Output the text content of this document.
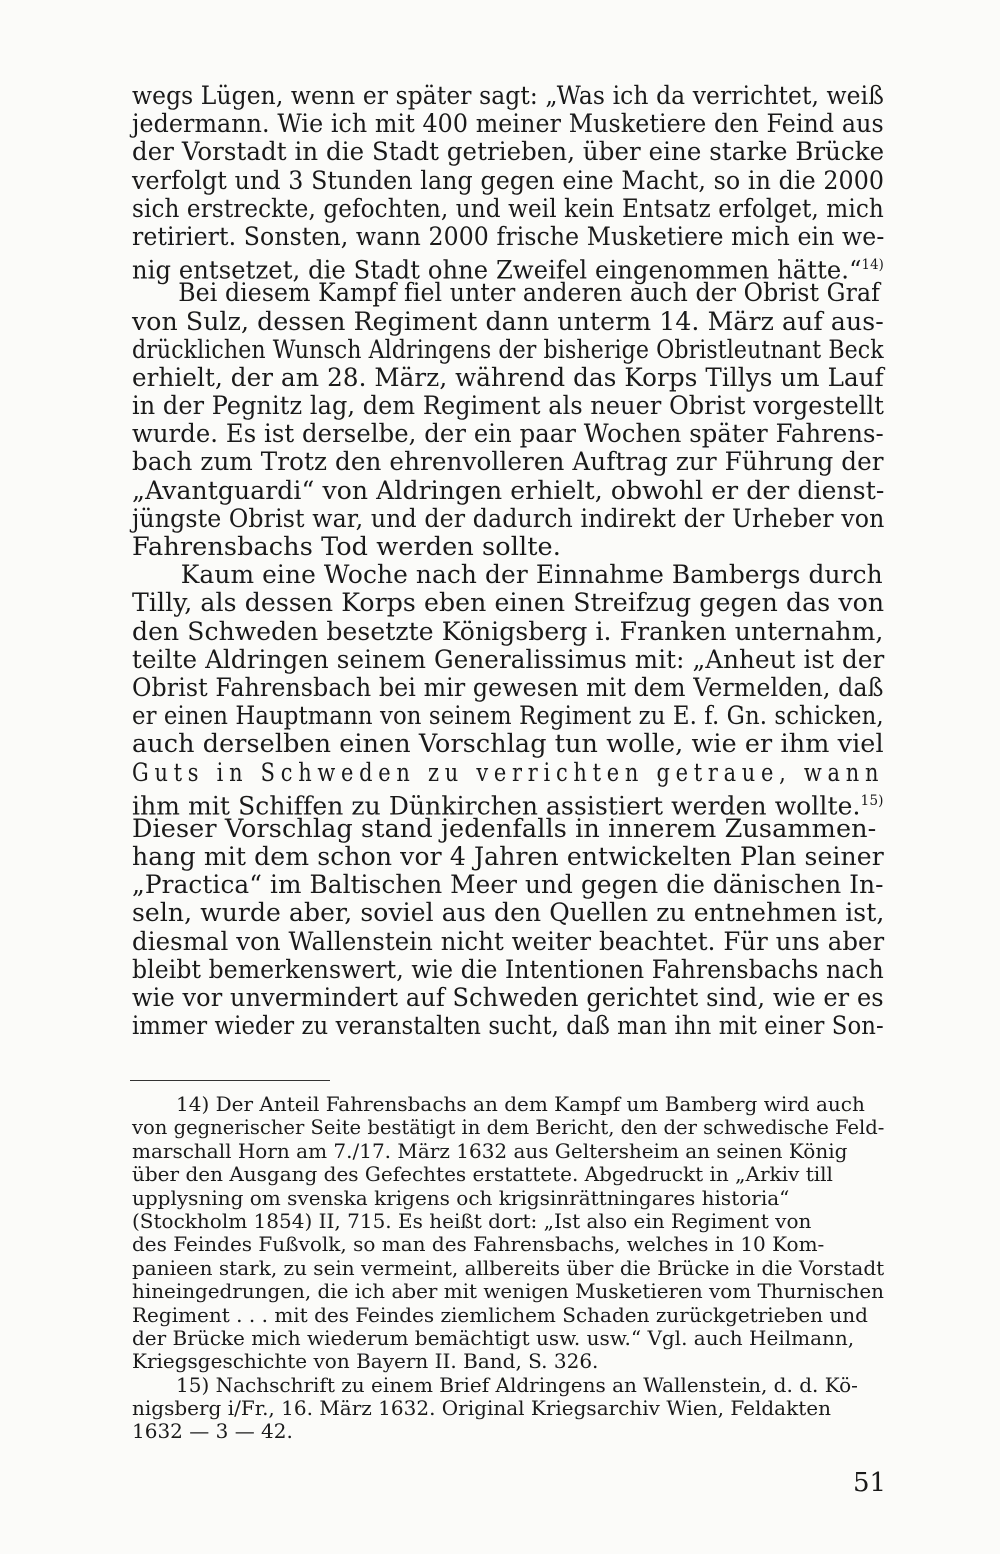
wegs Lügen, wenn er später sagt: „Was ich da verrichtet, weiß
jedermann. Wie ich mit 400 meiner Musketiere den Feind aus
der Vorstadt in die Stadt getrieben, über eine starke Brücke
verfolgt und 3 Stunden lang gegen eine Macht, so in die 2000
sich erstreckte, gefochten, und weil kein Entsatz erfolget, mich
retiriert. Sonsten, wann 2000 frische Musketiere mich ein we-
nig entsetzet, die Stadt ohne Zweifel eingenommen hätte.“$^{14)}$
Bei diesem Kampf fiel unter anderen auch der Obrist Graf
von Sulz, dessen Regiment dann unterm 14. März auf aus-
drücklichen Wunsch Aldringens der bisherige Obristleutnant Beck
erhielt, der am 28. März, während das Korps Tillys um Lauf
in der Pegnitz lag, dem Regiment als neuer Obrist vorgestellt
wurde. Es ist derselbe, der ein paar Wochen später Fahrens-
bach zum Trotz den ehrenvolleren Auftrag zur Führung der
„Avantguardi“ von Aldringen erhielt, obwohl er der dienst-
jüngste Obrist war, und der dadurch indirekt der Urheber von
Fahrensbachs Tod werden sollte.
Kaum eine Woche nach der Einnahme Bambergs durch
Tilly, als dessen Korps eben einen Streifzug gegen das von
den Schweden besetzte Königsberg i. Franken unternahm,
teilte Aldringen seinem Generalissimus mit: „Anheut ist der
Obrist Fahrensbach bei mir gewesen mit dem Vermelden, daß
er einen Hauptmann von seinem Regiment zu E. f. Gn. schicken,
auch derselben einen Vorschlag tun wolle, wie er ihm viel
Guts in Schweden zu verrichten getraue, wann
ihm mit Schiffen zu Dünkirchen assistiert werden wollte.$^{15)}$
Dieser Vorschlag stand jedenfalls in innerem Zusammen-
hang mit dem schon vor 4 Jahren entwickelten Plan seiner
„Practica“ im Baltischen Meer und gegen die dänischen In-
seln, wurde aber, soviel aus den Quellen zu entnehmen ist,
diesmal von Wallenstein nicht weiter beachtet. Für uns aber
bleibt bemerkenswert, wie die Intentionen Fahrensbachs nach
wie vor unvermindert auf Schweden gerichtet sind, wie er es
immer wieder zu veranstalten sucht, daß man ihn mit einer Son-
14) Der Anteil Fahrensbachs an dem Kampf um Bamberg wird auch
von gegnerischer Seite bestätigt in dem Bericht, den der schwedische Feld-
marschall Horn am 7./17. März 1632 aus Geltersheim an seinen König
über den Ausgang des Gefechtes erstattete. Abgedruckt in „Arkiv till
upplysning om svenska krigens och krigsinrättningares historia“
(Stockholm 1854) II, 715. Es heißt dort: „Ist also ein Regiment von
des Feindes Fußvolk, so man des Fahrensbachs, welches in 10 Kom-
panieen stark, zu sein vermeint, allbereits über die Brücke in die Vorstadt
hineingedrungen, die ich aber mit wenigen Musketieren vom Thurnischen
Regiment . . . mit des Feindes ziemlichem Schaden zurückgetrieben und
der Brücke mich wiederum bemächtigt usw. usw.“ Vgl. auch Heilmann,
Kriegsgeschichte von Bayern II. Band, S. 326.
15) Nachschrift zu einem Brief Aldringens an Wallenstein, d. d. Kö-
nigsberg i/Fr., 16. März 1632. Original Kriegsarchiv Wien, Feldakten
1632 — 3 — 42.
51
